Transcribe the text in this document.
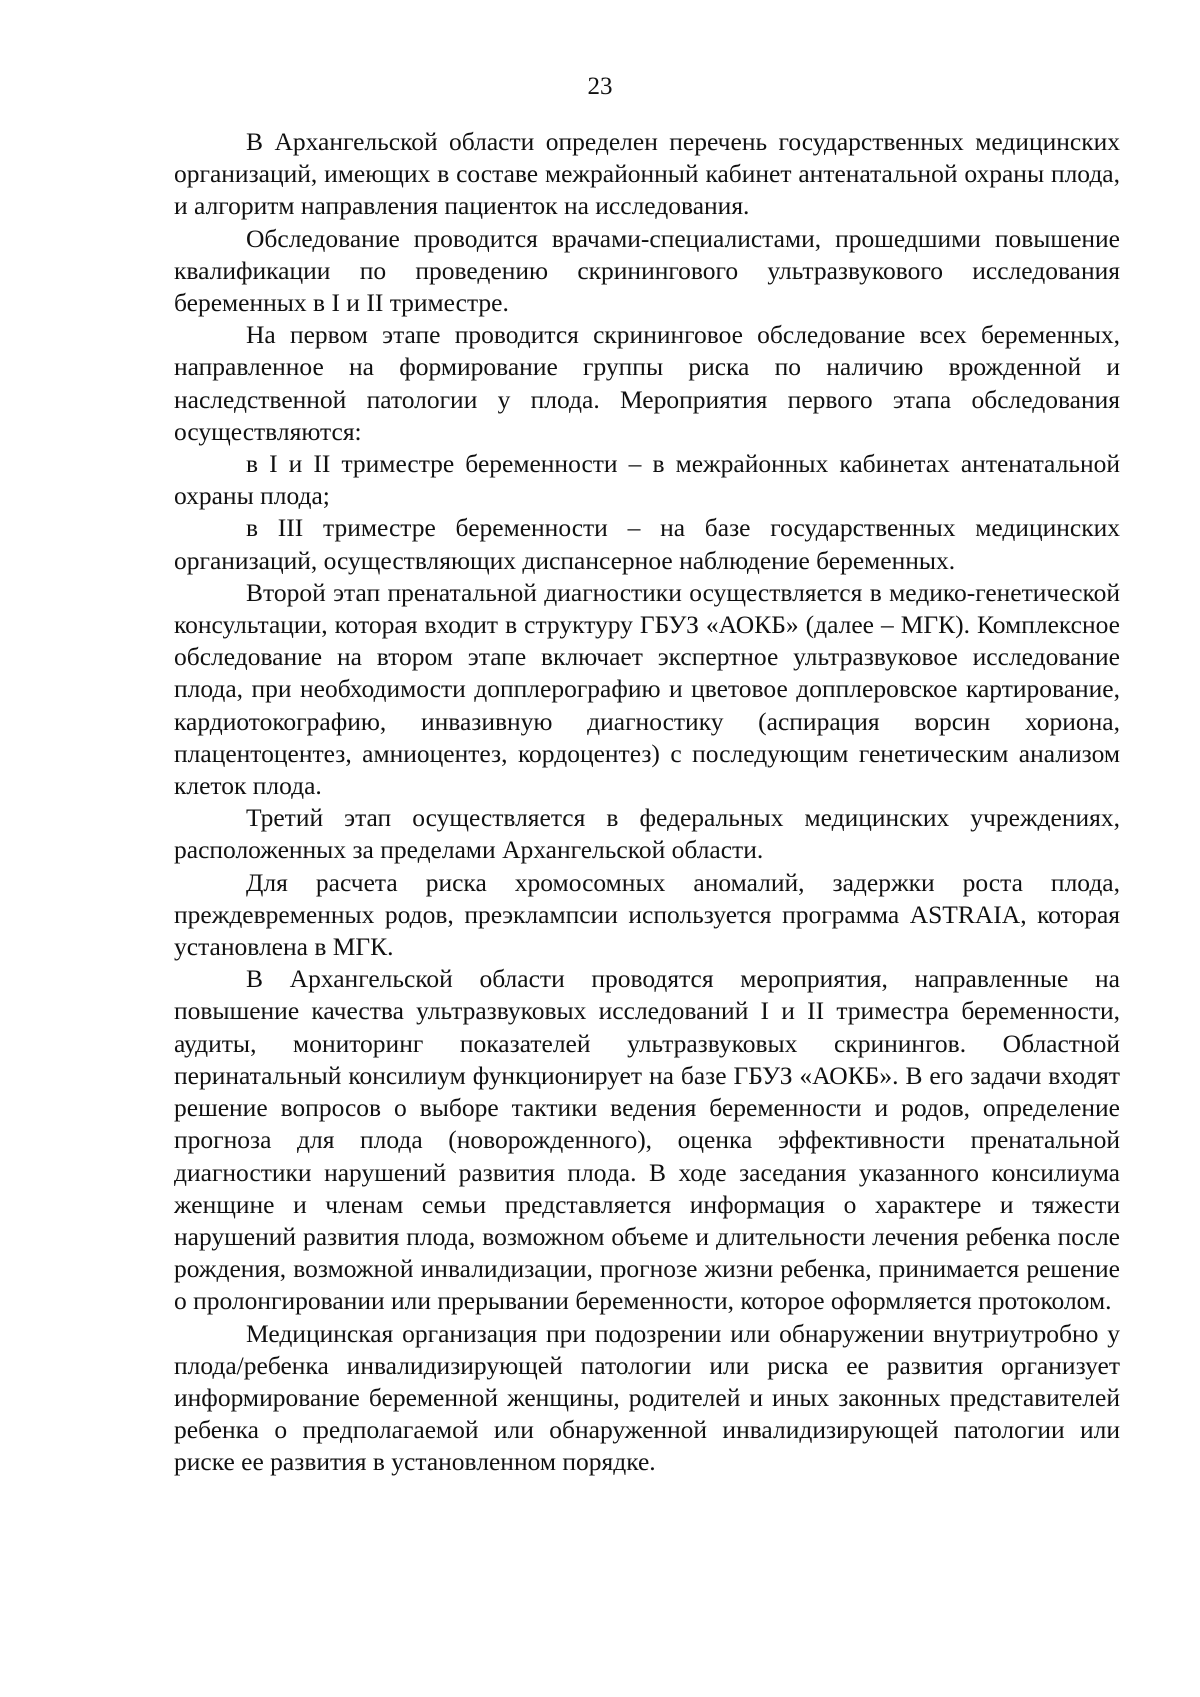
23

В Архангельской области определен перечень государственных медицинских организаций, имеющих в составе межрайонный кабинет антенатальной охраны плода, и алгоритм направления пациенток на исследования.

Обследование проводится врачами-специалистами, прошедшими повышение квалификации по проведению скринингового ультразвукового исследования беременных в I и II триместре.

На первом этапе проводится скрининговое обследование всех беременных, направленное на формирование группы риска по наличию врожденной и наследственной патологии у плода. Мероприятия первого этапа обследования осуществляются:

в I и II триместре беременности – в межрайонных кабинетах антенатальной охраны плода;

в III триместре беременности – на базе государственных медицинских организаций, осуществляющих диспансерное наблюдение беременных.

Второй этап пренатальной диагностики осуществляется в медико-генетической консультации, которая входит в структуру ГБУЗ «АОКБ» (далее – МГК). Комплексное обследование на втором этапе включает экспертное ультразвуковое исследование плода, при необходимости допплерографию и цветовое допплеровское картирование, кардиотокографию, инвазивную диагностику (аспирация ворсин хориона, плацентоцентез, амниоцентез, кордоцентез) с последующим генетическим анализом клеток плода.

Третий этап осуществляется в федеральных медицинских учреждениях, расположенных за пределами Архангельской области.

Для расчета риска хромосомных аномалий, задержки роста плода, преждевременных родов, преэклампсии используется программа ASTRAIA, которая установлена в МГК.

В Архангельской области проводятся мероприятия, направленные на повышение качества ультразвуковых исследований I и II триместра беременности, аудиты, мониторинг показателей ультразвуковых скринингов. Областной перинатальный консилиум функционирует на базе ГБУЗ «АОКБ». В его задачи входят решение вопросов о выборе тактики ведения беременности и родов, определение прогноза для плода (новорожденного), оценка эффективности пренатальной диагностики нарушений развития плода. В ходе заседания указанного консилиума женщине и членам семьи представляется информация о характере и тяжести нарушений развития плода, возможном объеме и длительности лечения ребенка после рождения, возможной инвалидизации, прогнозе жизни ребенка, принимается решение о пролонгировании или прерывании беременности, которое оформляется протоколом.

Медицинская организация при подозрении или обнаружении внутриутробно у плода/ребенка инвалидизирующей патологии или риска ее развития организует информирование беременной женщины, родителей и иных законных представителей ребенка о предполагаемой или обнаруженной инвалидизирующей патологии или риске ее развития в установленном порядке.
